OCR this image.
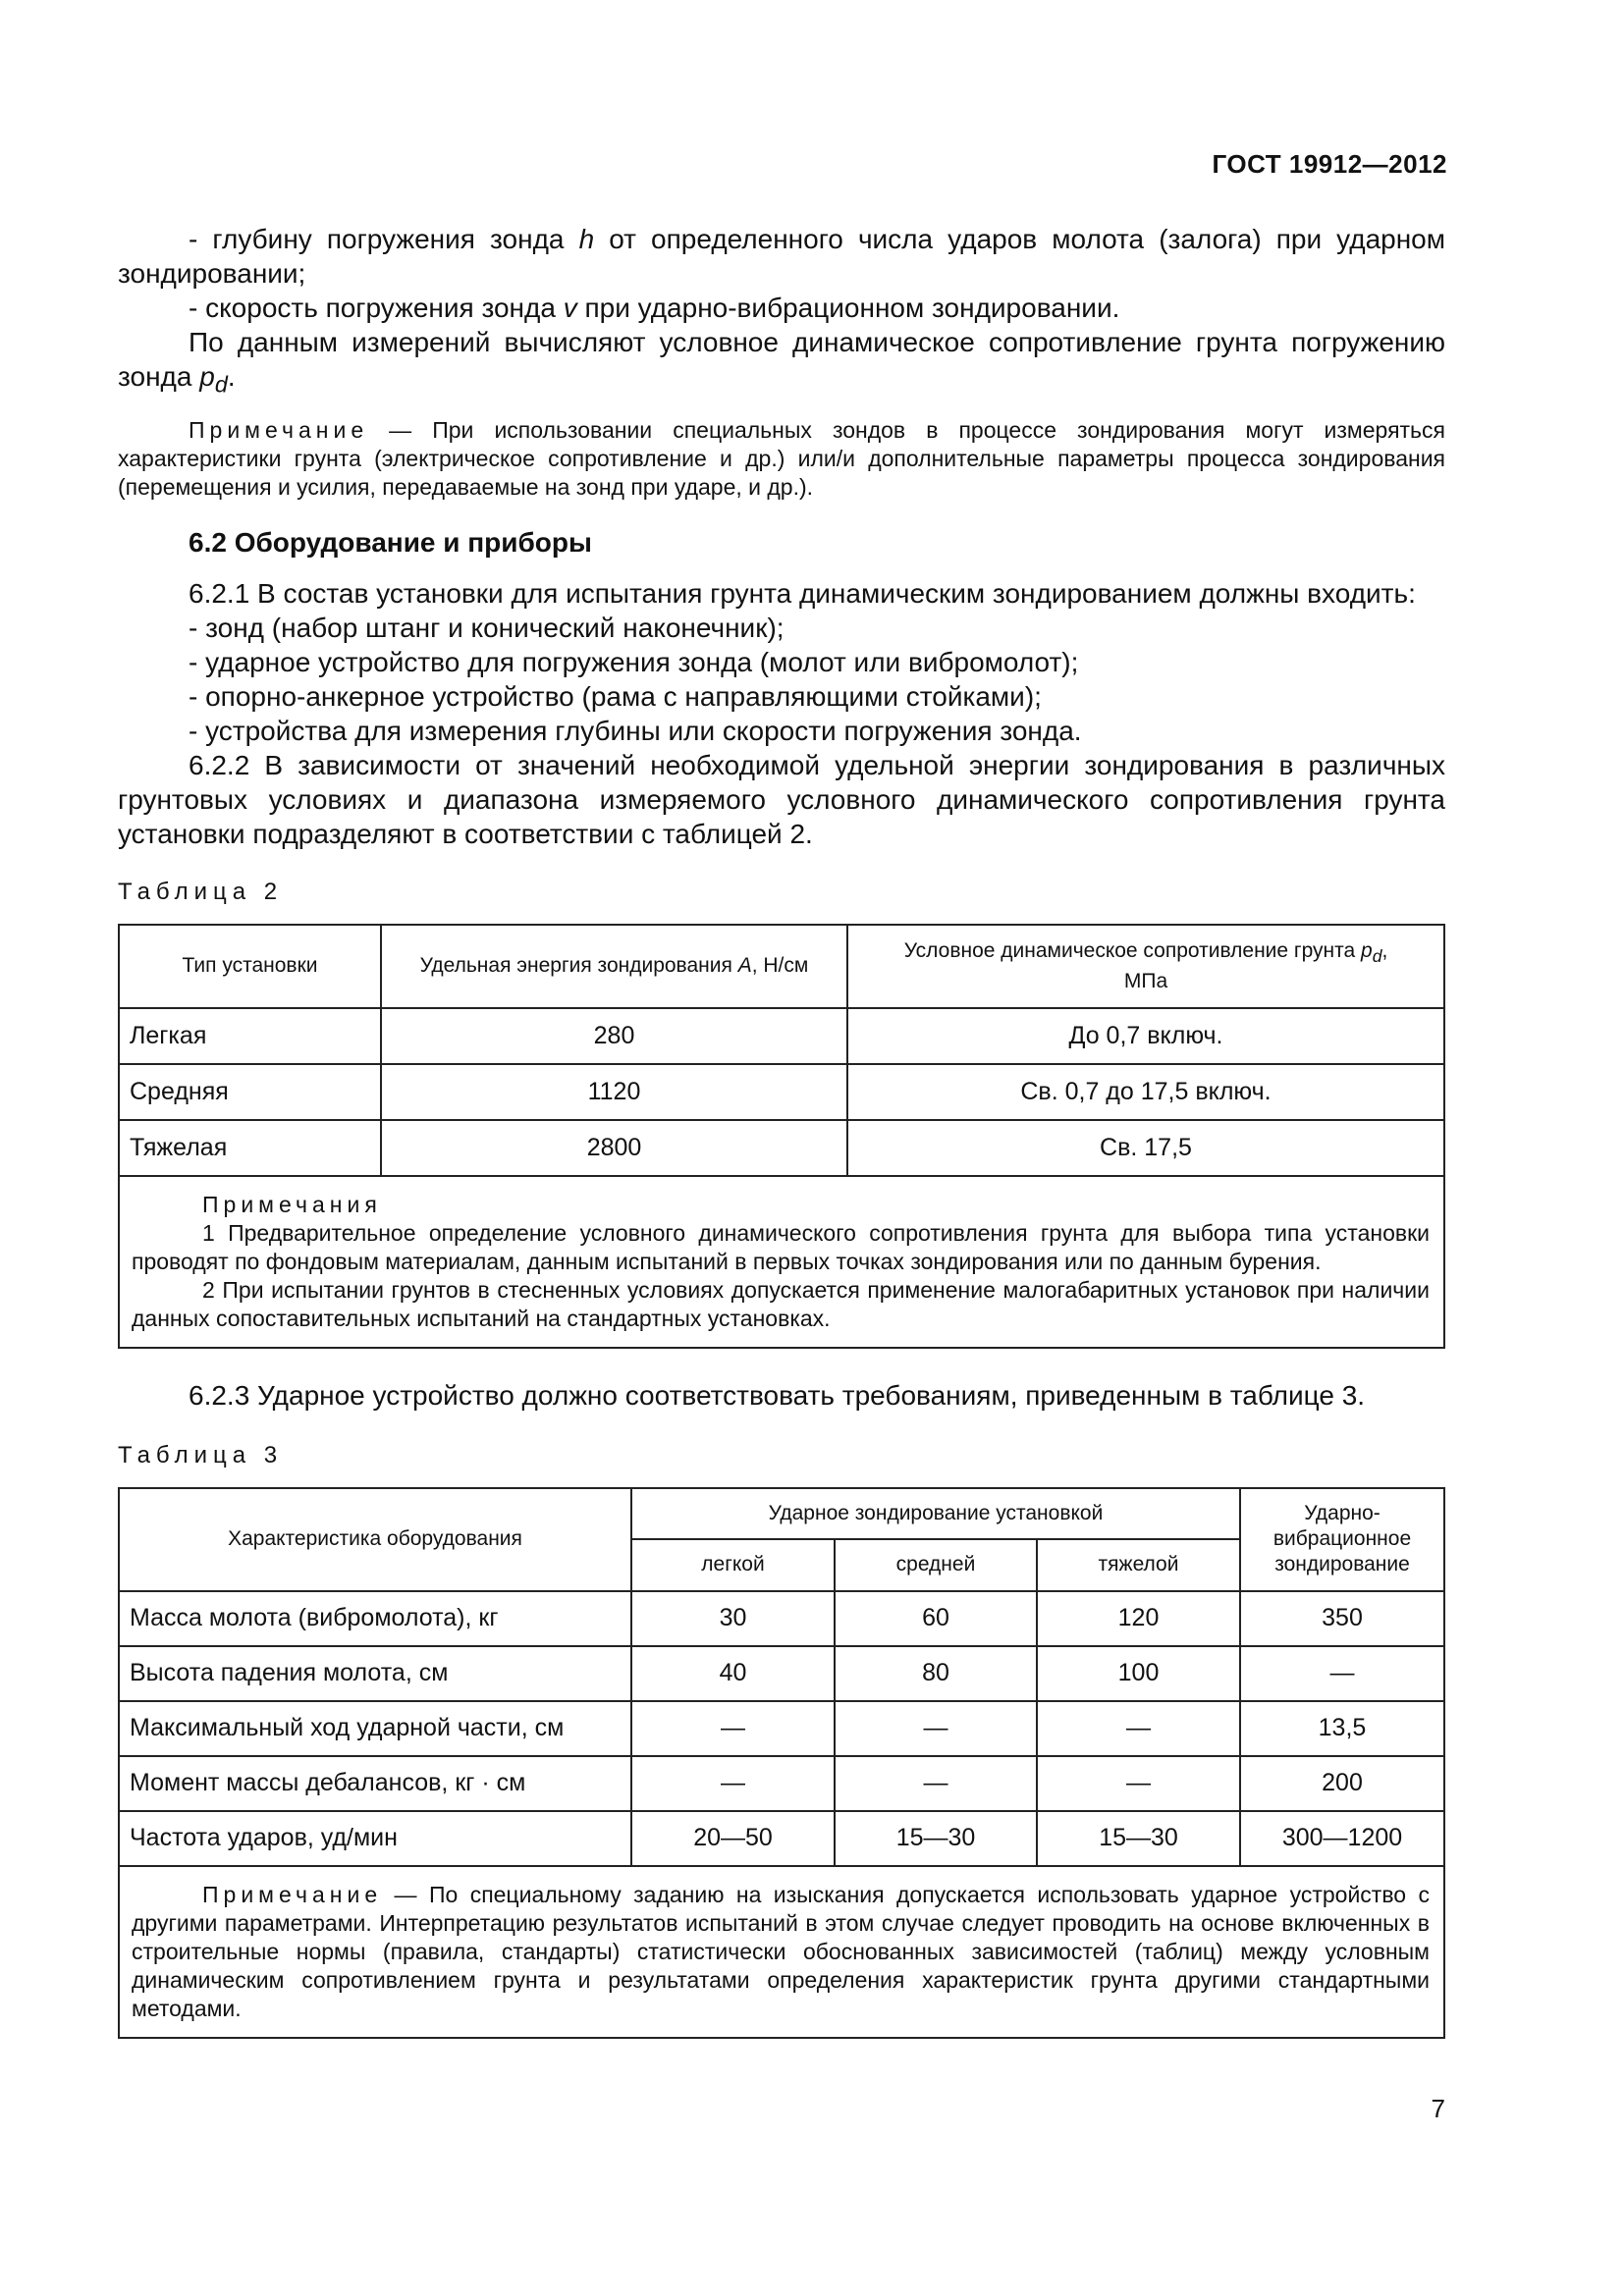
ГОСТ 19912—2012

- глубину погружения зонда h от определенного числа ударов молота (залога) при ударном зондировании;

- скорость погружения зонда v при ударно-вибрационном зондировании.

По данным измерений вычисляют условное динамическое сопротивление грунта погружению зонда $p_d$.

Примечание — При использовании специальных зондов в процессе зондирования могут измеряться характеристики грунта (электрическое сопротивление и др.) или/и дополнительные параметры процесса зондирования (перемещения и усилия, передаваемые на зонд при ударе, и др.).

6.2 Оборудование и приборы

6.2.1 В состав установки для испытания грунта динамическим зондированием должны входить:

- зонд (набор штанг и конический наконечник);

- ударное устройство для погружения зонда (молот или вибромолот);

- опорно-анкерное устройство (рама с направляющими стойками);

- устройства для измерения глубины или скорости погружения зонда.

6.2.2 В зависимости от значений необходимой удельной энергии зондирования в различных грунтовых условиях и диапазона измеряемого условного динамического сопротивления грунта установки подразделяют в соответствии с таблицей 2.

Таблица 2

Тип установки	Удельная энергия зондирования A, Н/см	Условное динамическое сопротивление грунта $p_d$,
МПа
Легкая	280	До 0,7 включ.
Средняя	1120	Св. 0,7 до 17,5 включ.
Тяжелая	2800	Св. 17,5

Примечания

1 Предварительное определение условного динамического сопротивления грунта для выбора типа установки проводят по фондовым материалам, данным испытаний в первых точках зондирования или по данным бурения.

2 При испытании грунтов в стесненных условиях допускается применение малогабаритных установок при наличии данных сопоставительных испытаний на стандартных установках.		

6.2.3 Ударное устройство должно соответствовать требованиям, приведенным в таблице 3.

Таблица 3

Характеристика оборудования	Ударное зондирование установкой			Ударно-
вибрационное
зондирование
	легкой	средней	тяжелой	
Масса молота (вибромолота), кг	30	60	120	350
Высота падения молота, см	40	80	100	—
Максимальный ход ударной части, см	—	—	—	13,5
Момент массы дебалансов, кг · см	—	—	—	200
Частота ударов, уд/мин	20—50	15—30	15—30	300—1200

Примечание — По специальному заданию на изыскания допускается использовать ударное устройство с другими параметрами. Интерпретацию результатов испытаний в этом случае следует проводить на основе включенных в строительные нормы (правила, стандарты) статистически обоснованных зависимостей (таблиц) между условным динамическим сопротивлением грунта и результатами определения характеристик грунта другими стандартными методами.				

7
